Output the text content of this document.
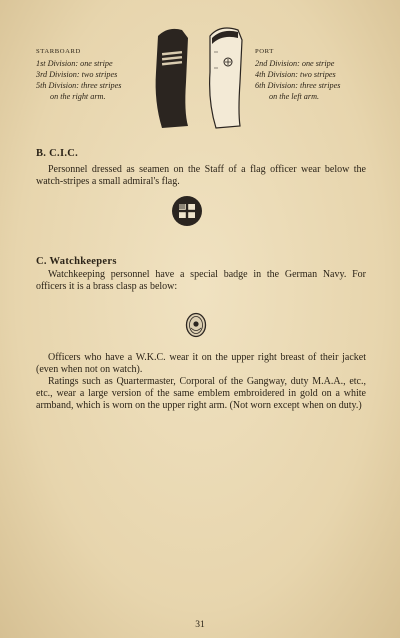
STARBOARD
1st Division: one stripe
3rd Division: two stripes
5th Division: three stripes
on the right arm.
PORT
2nd Division: one stripe
4th Division: two stripes
6th Division: three stripes
on the left arm.
B. C.I.C.
Personnel dressed as seamen on the Staff of a flag officer wear below the watch-stripes a small admiral's flag.
C. Watchkeepers
Watchkeeping personnel have a special badge in the German Navy. For officers it is a brass clasp as below:
Officers who have a W.K.C. wear it on the upper right breast of their jacket (even when not on watch).
Ratings such as Quartermaster, Corporal of the Gangway, duty M.A.A., etc., etc., wear a large version of the same emblem embroidered in gold on a white armband, which is worn on the upper right arm. (Not worn except when on duty.)
31
